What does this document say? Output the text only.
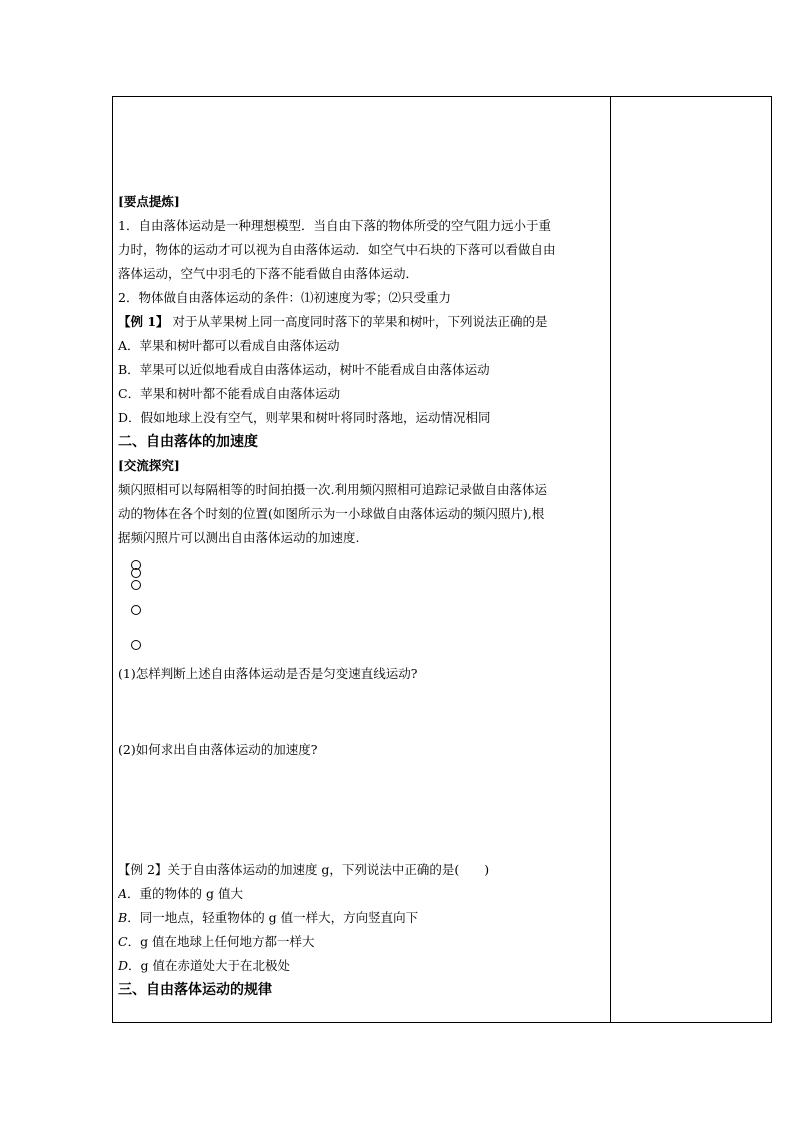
[要点提炼]
1．自由落体运动是一种理想模型．当自由下落的物体所受的空气阻力远小于重
力时，物体的运动才可以视为自由落体运动．如空气中石块的下落可以看做自由
落体运动，空气中羽毛的下落不能看做自由落体运动．
2．物体做自由落体运动的条件：⑴初速度为零；⑵只受重力
【例 1】 对于从苹果树上同一高度同时落下的苹果和树叶，下列说法正确的是
A．苹果和树叶都可以看成自由落体运动
B．苹果可以近似地看成自由落体运动，树叶不能看成自由落体运动
C．苹果和树叶都不能看成自由落体运动
D．假如地球上没有空气，则苹果和树叶将同时落地，运动情况相同
二、自由落体的加速度
[交流探究]
频闪照相可以每隔相等的时间拍摄一次.利用频闪照相可追踪记录做自由落体运
动的物体在各个时刻的位置(如图所示为一小球做自由落体运动的频闪照片),根
据频闪照片可以测出自由落体运动的加速度.
(1)怎样判断上述自由落体运动是否是匀变速直线运动?
(2)如何求出自由落体运动的加速度?
【例 2】关于自由落体运动的加速度 g，下列说法中正确的是(　　)
A．重的物体的 g 值大
B．同一地点，轻重物体的 g 值一样大，方向竖直向下
C．g 值在地球上任何地方都一样大
D．g 值在赤道处大于在北极处
三、自由落体运动的规律
